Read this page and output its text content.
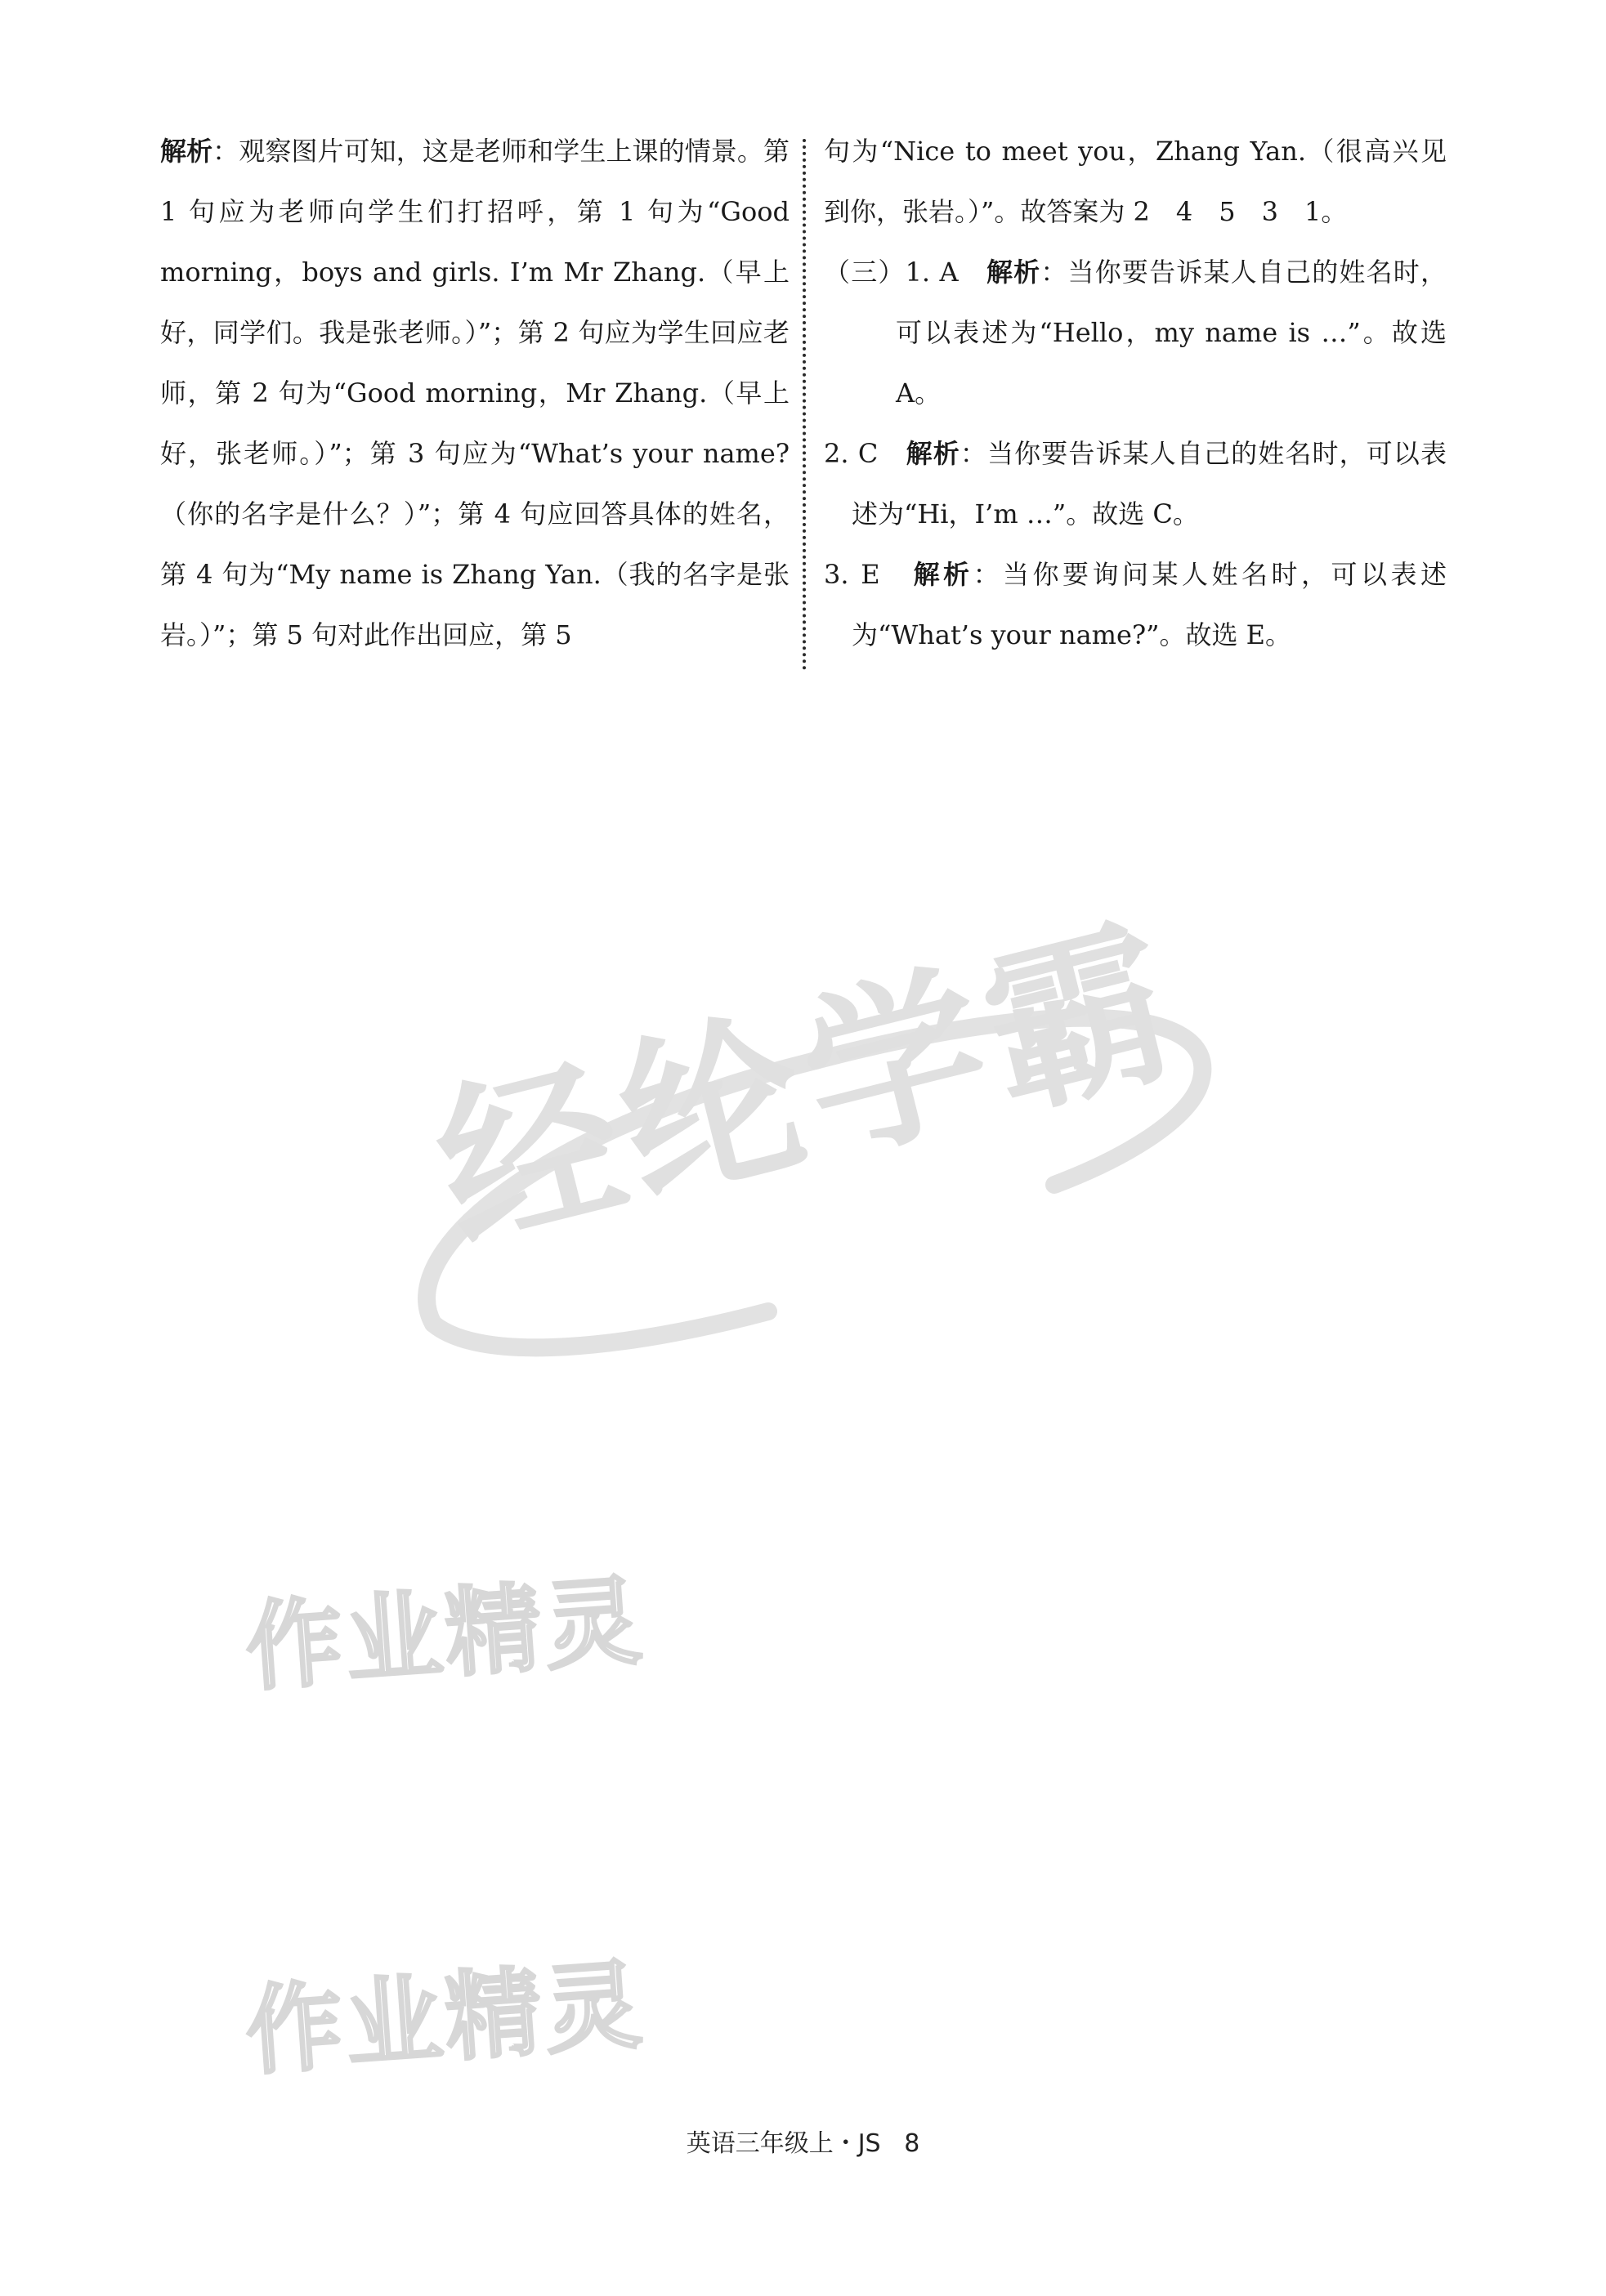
解析：观察图片可知，这是老师和学生上课的情景。第 1 句应为老师向学生们打招呼，第 1 句为“Good morning，boys and girls. I’m Mr Zhang.（早上好，同学们。我是张老师。）”；第 2 句应为学生回应老师，第 2 句为“Good morning，Mr Zhang.（早上好，张老师。）”；第 3 句应为“What’s your name?（你的名字是什么？）”；第 4 句应回答具体的姓名，第 4 句为“My name is Zhang Yan.（我的名字是张岩。）”；第 5 句对此作出回应，第 5

句为“Nice to meet you，Zhang Yan.（很高兴见到你，张岩。）”。故答案为 2　4　5　3　1。

（三）1. A　 解析：当你要告诉某人自己的姓名时，可以表述为“Hello，my name is …”。故选 A。

2. C　 解析：当你要告诉某人自己的姓名时，可以表述为“Hi，I’m …”。故选 C。

3. E　 解析：当你要询问某人姓名时，可以表述为“What’s your name?”。故选 E。

经纶学霸
作业精灵
作业精灵
英语三年级上・JS 8
